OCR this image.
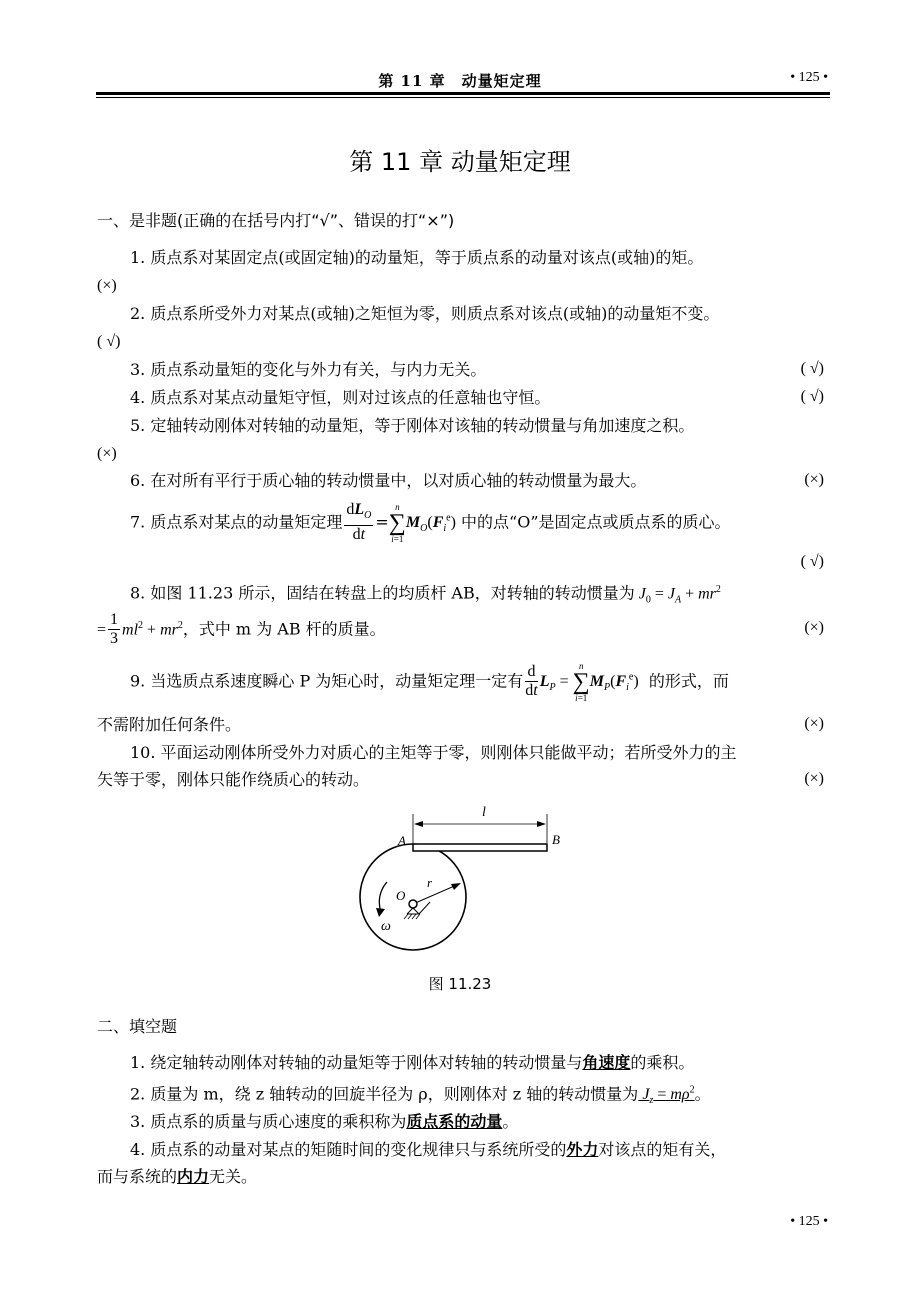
第 11 章　动量矩定理	• 125 •
第 11 章 动量矩定理
一、是非题(正确的在括号内打“√”、错误的打“×”)
1. 质点系对某固定点(或固定轴)的动量矩，等于质点系的动量对该点(或轴)的矩。
(×)
2. 质点系所受外力对某点(或轴)之矩恒为零，则质点系对该点(或轴)的动量矩不变。
( √)
3. 质点系动量矩的变化与外力有关，与内力无关。	( √)
4. 质点系对某点动量矩守恒，则对过该点的任意轴也守恒。	( √)
5. 定轴转动刚体对转轴的动量矩，等于刚体对该轴的转动惯量与角加速度之积。
(×)
6. 在对所有平行于质心轴的转动惯量中，以对质心轴的转动惯量为最大。	(×)
7. 质点系对某点的动量矩定理 $\frac{dL_O}{dt}$ =
n
∑
i=1
$M_O(F_i^e)$ 中的点“O”是固定点或质点系的质心。
( √)
8. 如图 11.23 所示，固结在转盘上的均质杆 AB，对转轴的转动惯量为 $J_0 = J_A + mr^2$
= $\frac{1}{3} ml^2 + mr^2$，式中 m 为 AB 杆的质量。	(×)
9. 当选质点系速度瞬心 P 为矩心时，动量矩定理一定有 $\frac{d}{dt} L_P$ =
n
∑
i=1
$M_P(F_i^e)$ 的形式，而
不需附加任何条件。	(×)
10. 平面运动刚体所受外力对质心的主矩等于零，则刚体只能做平动；若所受外力的主
矢等于零，刚体只能作绕质心的转动。	(×)
l
A	B
r
O
ω
图 11.23
二、填空题
1. 绕定轴转动刚体对转轴的动量矩等于刚体对转轴的转动惯量与角速度的乘积。
2. 质量为 m，绕 z 轴转动的回旋半径为 ρ，则刚体对 z 轴的转动惯量为 $J_z = m\rho^2$。
3. 质点系的质量与质心速度的乘积称为质点系的动量。
4. 质点系的动量对某点的矩随时间的变化规律只与系统所受的外力对该点的矩有关，
而与系统的内力无关。
• 125 •
